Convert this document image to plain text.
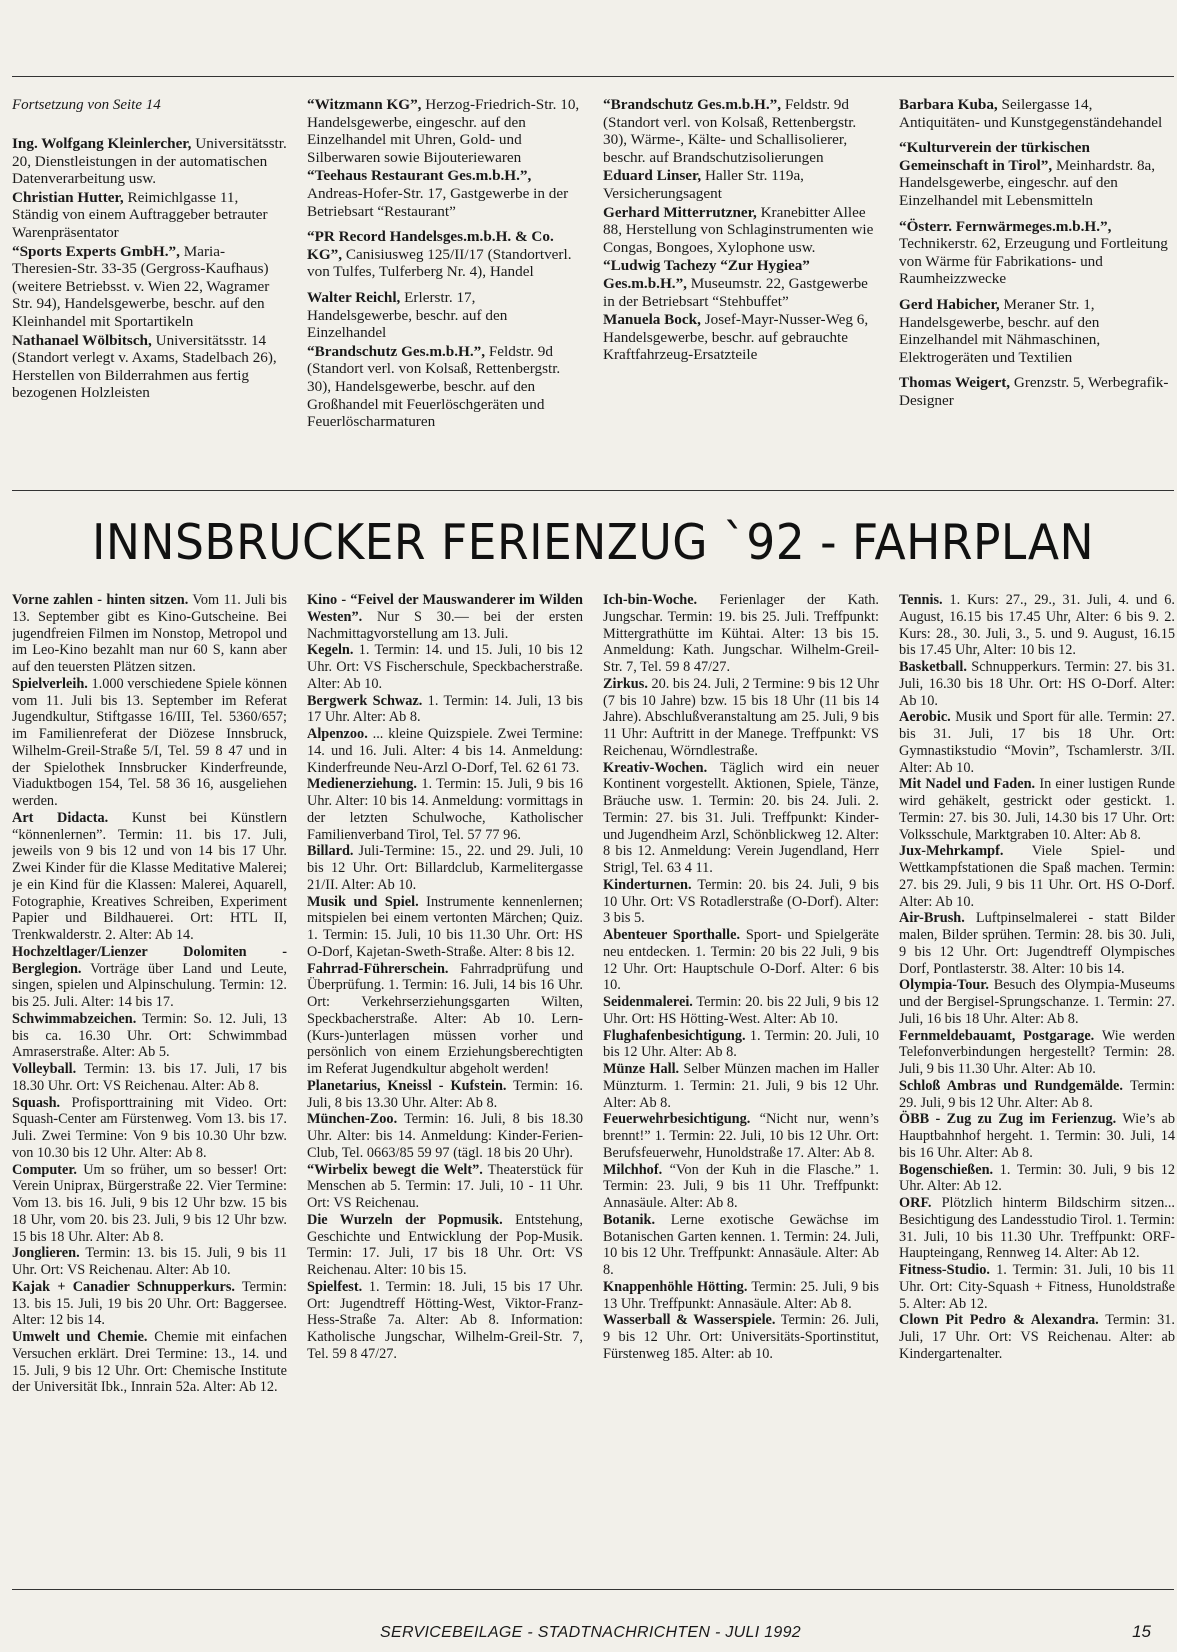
Fortsetzung von Seite 14

Ing. Wolfgang Kleinlercher, Universitätsstr. 20, Dienstleistungen in der automatischen Datenverarbeitung usw.

Christian Hutter, Reimichlgasse 11, Ständig von einem Auftraggeber betrauter Warenpräsentator

“Sports Experts GmbH.”, Maria-Theresien-Str. 33-35 (Gergross-Kaufhaus) (weitere Betriebsst. v. Wien 22, Wagramer Str. 94), Handelsgewerbe, beschr. auf den Kleinhandel mit Sportartikeln

Nathanael Wölbitsch, Universitätsstr. 14 (Standort verlegt v. Axams, Stadelbach 26), Herstellen von Bilderrahmen aus fertig bezogenen Holzleisten

“Witzmann KG”, Herzog-Friedrich-Str. 10, Handelsgewerbe, eingeschr. auf den Einzelhandel mit Uhren, Gold- und Silberwaren sowie Bijouteriewaren

“Teehaus Restaurant Ges.m.b.H.”, Andreas-Hofer-Str. 17, Gastgewerbe in der Betriebsart “Restaurant”

“PR Record Handelsges.m.b.H. & Co. KG”, Canisiusweg 125/II/17 (Standortverl. von Tulfes, Tulferberg Nr. 4), Handel

Walter Reichl, Erlerstr. 17, Handelsgewerbe, beschr. auf den Einzelhandel

“Brandschutz Ges.m.b.H.”, Feldstr. 9d (Standort verl. von Kolsaß, Rettenbergstr. 30), Handelsgewerbe, beschr. auf den Großhandel mit Feuerlöschgeräten und Feuerlöscharmaturen

“Brandschutz Ges.m.b.H.”, Feldstr. 9d (Standort verl. von Kolsaß, Rettenbergstr. 30), Wärme-, Kälte- und Schallisolierer, beschr. auf Brandschutzisolierungen

Eduard Linser, Haller Str. 119a, Versicherungsagent

Gerhard Mitterrutzner, Kranebitter Allee 88, Herstellung von Schlaginstrumenten wie Congas, Bongoes, Xylophone usw.

“Ludwig Tachezy “Zur Hygiea” Ges.m.b.H.”, Museumstr. 22, Gastgewerbe in der Betriebsart “Stehbuffet”

Manuela Bock, Josef-Mayr-Nusser-Weg 6, Handelsgewerbe, beschr. auf gebrauchte Kraftfahrzeug-Ersatzteile

Barbara Kuba, Seilergasse 14, Antiquitäten- und Kunstgegenständehandel

“Kulturverein der türkischen Gemeinschaft in Tirol”, Meinhardstr. 8a, Handelsgewerbe, eingeschr. auf den Einzelhandel mit Lebensmitteln

“Österr. Fernwärmeges.m.b.H.”, Technikerstr. 62, Erzeugung und Fortleitung von Wärme für Fabrikations- und Raumheizzwecke

Gerd Habicher, Meraner Str. 1, Handelsgewerbe, beschr. auf den Einzelhandel mit Nähmaschinen, Elektrogeräten und Textilien

Thomas Weigert, Grenzstr. 5, Werbegrafik-Designer

INNSBRUCKER FERIENZUG `92 - FAHRPLAN

Vorne zahlen - hinten sitzen. Vom 11. Juli bis 13. September gibt es Kino-Gutscheine. Bei jugendfreien Filmen im Nonstop, Metropol und im Leo-Kino bezahlt man nur 60 S, kann aber auf den teuersten Plätzen sitzen.

Spielverleih. 1.000 verschiedene Spiele können vom 11. Juli bis 13. September im Referat Jugendkultur, Stiftgasse 16/III, Tel. 5360/657; im Familienreferat der Diözese Innsbruck, Wilhelm-Greil-Straße 5/I, Tel. 59 8 47 und in der Spielothek Innsbrucker Kinderfreunde, Viaduktbogen 154, Tel. 58 36 16, ausgeliehen werden.

Art Didacta. Kunst bei Künstlern “könnenlernen”. Termin: 11. bis 17. Juli, jeweils von 9 bis 12 und von 14 bis 17 Uhr. Zwei Kinder für die Klasse Meditative Malerei; je ein Kind für die Klassen: Malerei, Aquarell, Fotographie, Kreatives Schreiben, Experiment Papier und Bildhauerei. Ort: HTL II, Trenkwalderstr. 2. Alter: Ab 14.

Hochzeltlager/Lienzer Dolomiten - Berglegion. Vorträge über Land und Leute, singen, spielen und Alpinschulung. Termin: 12. bis 25. Juli. Alter: 14 bis 17.

Schwimmabzeichen. Termin: So. 12. Juli, 13 bis ca. 16.30 Uhr. Ort: Schwimmbad Amraserstraße. Alter: Ab 5.

Volleyball. Termin: 13. bis 17. Juli, 17 bis 18.30 Uhr. Ort: VS Reichenau. Alter: Ab 8.

Squash. Profisporttraining mit Video. Ort: Squash-Center am Fürstenweg. Vom 13. bis 17. Juli. Zwei Termine: Von 9 bis 10.30 Uhr bzw. von 10.30 bis 12 Uhr. Alter: Ab 8.

Computer. Um so früher, um so besser! Ort: Verein Uniprax, Bürgerstraße 22. Vier Termine: Vom 13. bis 16. Juli, 9 bis 12 Uhr bzw. 15 bis 18 Uhr, vom 20. bis 23. Juli, 9 bis 12 Uhr bzw. 15 bis 18 Uhr. Alter: Ab 8.

Jonglieren. Termin: 13. bis 15. Juli, 9 bis 11 Uhr. Ort: VS Reichenau. Alter: Ab 10.

Kajak + Canadier Schnupperkurs. Termin: 13. bis 15. Juli, 19 bis 20 Uhr. Ort: Baggersee. Alter: 12 bis 14.

Umwelt und Chemie. Chemie mit einfachen Versuchen erklärt. Drei Termine: 13., 14. und 15. Juli, 9 bis 12 Uhr. Ort: Chemische Institute der Universität Ibk., Innrain 52a. Alter: Ab 12.

Kino - “Feivel der Mauswanderer im Wilden Westen”. Nur S 30.— bei der ersten Nachmittagvorstellung am 13. Juli.

Kegeln. 1. Termin: 14. und 15. Juli, 10 bis 12 Uhr. Ort: VS Fischerschule, Speckbacherstraße. Alter: Ab 10.

Bergwerk Schwaz. 1. Termin: 14. Juli, 13 bis 17 Uhr. Alter: Ab 8.

Alpenzoo. ... kleine Quizspiele. Zwei Termine: 14. und 16. Juli. Alter: 4 bis 14. Anmeldung: Kinderfreunde Neu-Arzl O-Dorf, Tel. 62 61 73.

Medienerziehung. 1. Termin: 15. Juli, 9 bis 16 Uhr. Alter: 10 bis 14. Anmeldung: vormittags in der letzten Schulwoche, Katholischer Familienverband Tirol, Tel. 57 77 96.

Billard. Juli-Termine: 15., 22. und 29. Juli, 10 bis 12 Uhr. Ort: Billardclub, Karmelitergasse 21/II. Alter: Ab 10.

Musik und Spiel. Instrumente kennenlernen; mitspielen bei einem vertonten Märchen; Quiz. 1. Termin: 15. Juli, 10 bis 11.30 Uhr. Ort: HS O-Dorf, Kajetan-Sweth-Straße. Alter: 8 bis 12.

Fahrrad-Führerschein. Fahrradprüfung und Überprüfung. 1. Termin: 16. Juli, 14 bis 16 Uhr. Ort: Verkehrserziehungsgarten Wilten, Speckbacherstraße. Alter: Ab 10. Lern- (Kurs-)unterlagen müssen vorher und persönlich von einem Erziehungsberechtigten im Referat Jugendkultur abgeholt werden!

Planetarius, Kneissl - Kufstein. Termin: 16. Juli, 8 bis 13.30 Uhr. Alter: Ab 8.

München-Zoo. Termin: 16. Juli, 8 bis 18.30 Uhr. Alter: bis 14. Anmeldung: Kinder-Ferien-Club, Tel. 0663/85 59 97 (tägl. 18 bis 20 Uhr).

“Wirbelix bewegt die Welt”. Theaterstück für Menschen ab 5. Termin: 17. Juli, 10 - 11 Uhr. Ort: VS Reichenau.

Die Wurzeln der Popmusik. Entstehung, Geschichte und Entwicklung der Pop-Musik. Termin: 17. Juli, 17 bis 18 Uhr. Ort: VS Reichenau. Alter: 10 bis 15.

Spielfest. 1. Termin: 18. Juli, 15 bis 17 Uhr. Ort: Jugendtreff Hötting-West, Viktor-Franz-Hess-Straße 7a. Alter: Ab 8. Information: Katholische Jungschar, Wilhelm-Greil-Str. 7, Tel. 59 8 47/27.

Ich-bin-Woche. Ferienlager der Kath. Jungschar. Termin: 19. bis 25. Juli. Treffpunkt: Mittergrathütte im Kühtai. Alter: 13 bis 15. Anmeldung: Kath. Jungschar. Wilhelm-Greil-Str. 7, Tel. 59 8 47/27.

Zirkus. 20. bis 24. Juli, 2 Termine: 9 bis 12 Uhr (7 bis 10 Jahre) bzw. 15 bis 18 Uhr (11 bis 14 Jahre). Abschlußveranstaltung am 25. Juli, 9 bis 11 Uhr: Auftritt in der Manege. Treffpunkt: VS Reichenau, Wörndlestraße.

Kreativ-Wochen. Täglich wird ein neuer Kontinent vorgestellt. Aktionen, Spiele, Tänze, Bräuche usw. 1. Termin: 20. bis 24. Juli. 2. Termin: 27. bis 31. Juli. Treffpunkt: Kinder- und Jugendheim Arzl, Schönblickweg 12. Alter: 8 bis 12. Anmeldung: Verein Jugendland, Herr Strigl, Tel. 63 4 11.

Kinderturnen. Termin: 20. bis 24. Juli, 9 bis 10 Uhr. Ort: VS Rotadlerstraße (O-Dorf). Alter: 3 bis 5.

Abenteuer Sporthalle. Sport- und Spielgeräte neu entdecken. 1. Termin: 20 bis 22 Juli, 9 bis 12 Uhr. Ort: Hauptschule O-Dorf. Alter: 6 bis 10.

Seidenmalerei. Termin: 20. bis 22 Juli, 9 bis 12 Uhr. Ort: HS Hötting-West. Alter: Ab 10.

Flughafenbesichtigung. 1. Termin: 20. Juli, 10 bis 12 Uhr. Alter: Ab 8.

Münze Hall. Selber Münzen machen im Haller Münzturm. 1. Termin: 21. Juli, 9 bis 12 Uhr. Alter: Ab 8.

Feuerwehrbesichtigung. “Nicht nur, wenn’s brennt!” 1. Termin: 22. Juli, 10 bis 12 Uhr. Ort: Berufsfeuerwehr, Hunoldstraße 17. Alter: Ab 8.

Milchhof. “Von der Kuh in die Flasche.” 1. Termin: 23. Juli, 9 bis 11 Uhr. Treffpunkt: Annasäule. Alter: Ab 8.

Botanik. Lerne exotische Gewächse im Botanischen Garten kennen. 1. Termin: 24. Juli, 10 bis 12 Uhr. Treffpunkt: Annasäule. Alter: Ab 8.

Knappenhöhle Hötting. Termin: 25. Juli, 9 bis 13 Uhr. Treffpunkt: Annasäule. Alter: Ab 8.

Wasserball & Wasserspiele. Termin: 26. Juli, 9 bis 12 Uhr. Ort: Universitäts-Sportinstitut, Fürstenweg 185. Alter: ab 10.

Tennis. 1. Kurs: 27., 29., 31. Juli, 4. und 6. August, 16.15 bis 17.45 Uhr, Alter: 6 bis 9. 2. Kurs: 28., 30. Juli, 3., 5. und 9. August, 16.15 bis 17.45 Uhr, Alter: 10 bis 12.

Basketball. Schnupperkurs. Termin: 27. bis 31. Juli, 16.30 bis 18 Uhr. Ort: HS O-Dorf. Alter: Ab 10.

Aerobic. Musik und Sport für alle. Termin: 27. bis 31. Juli, 17 bis 18 Uhr. Ort: Gymnastikstudio “Movin”, Tschamlerstr. 3/II. Alter: Ab 10.

Mit Nadel und Faden. In einer lustigen Runde wird gehäkelt, gestrickt oder gestickt. 1. Termin: 27. bis 30. Juli, 14.30 bis 17 Uhr. Ort: Volksschule, Marktgraben 10. Alter: Ab 8.

Jux-Mehrkampf. Viele Spiel- und Wettkampfstationen die Spaß machen. Termin: 27. bis 29. Juli, 9 bis 11 Uhr. Ort. HS O-Dorf. Alter: Ab 10.

Air-Brush. Luftpinselmalerei - statt Bilder malen, Bilder sprühen. Termin: 28. bis 30. Juli, 9 bis 12 Uhr. Ort: Jugendtreff Olympisches Dorf, Pontlasterstr. 38. Alter: 10 bis 14.

Olympia-Tour. Besuch des Olympia-Museums und der Bergisel-Sprungschanze. 1. Termin: 27. Juli, 16 bis 18 Uhr. Alter: Ab 8.

Fernmeldebauamt, Postgarage. Wie werden Telefonverbindungen hergestellt? Termin: 28. Juli, 9 bis 11.30 Uhr. Alter: Ab 10.

Schloß Ambras und Rundgemälde. Termin: 29. Juli, 9 bis 12 Uhr. Alter: Ab 8.

ÖBB - Zug zu Zug im Ferienzug. Wie’s ab Hauptbahnhof hergeht. 1. Termin: 30. Juli, 14 bis 16 Uhr. Alter: Ab 8.

Bogenschießen. 1. Termin: 30. Juli, 9 bis 12 Uhr. Alter: Ab 12.

ORF. Plötzlich hinterm Bildschirm sitzen... Besichtigung des Landesstudio Tirol. 1. Termin: 31. Juli, 10 bis 11.30 Uhr. Treffpunkt: ORF-Haupteingang, Rennweg 14. Alter: Ab 12.

Fitness-Studio. 1. Termin: 31. Juli, 10 bis 11 Uhr. Ort: City-Squash + Fitness, Hunoldstraße 5. Alter: Ab 12.

Clown Pit Pedro & Alexandra. Termin: 31. Juli, 17 Uhr. Ort: VS Reichenau. Alter: ab Kindergartenalter.

SERVICEBEILAGE - STADTNACHRICHTEN - JULI 1992	15
